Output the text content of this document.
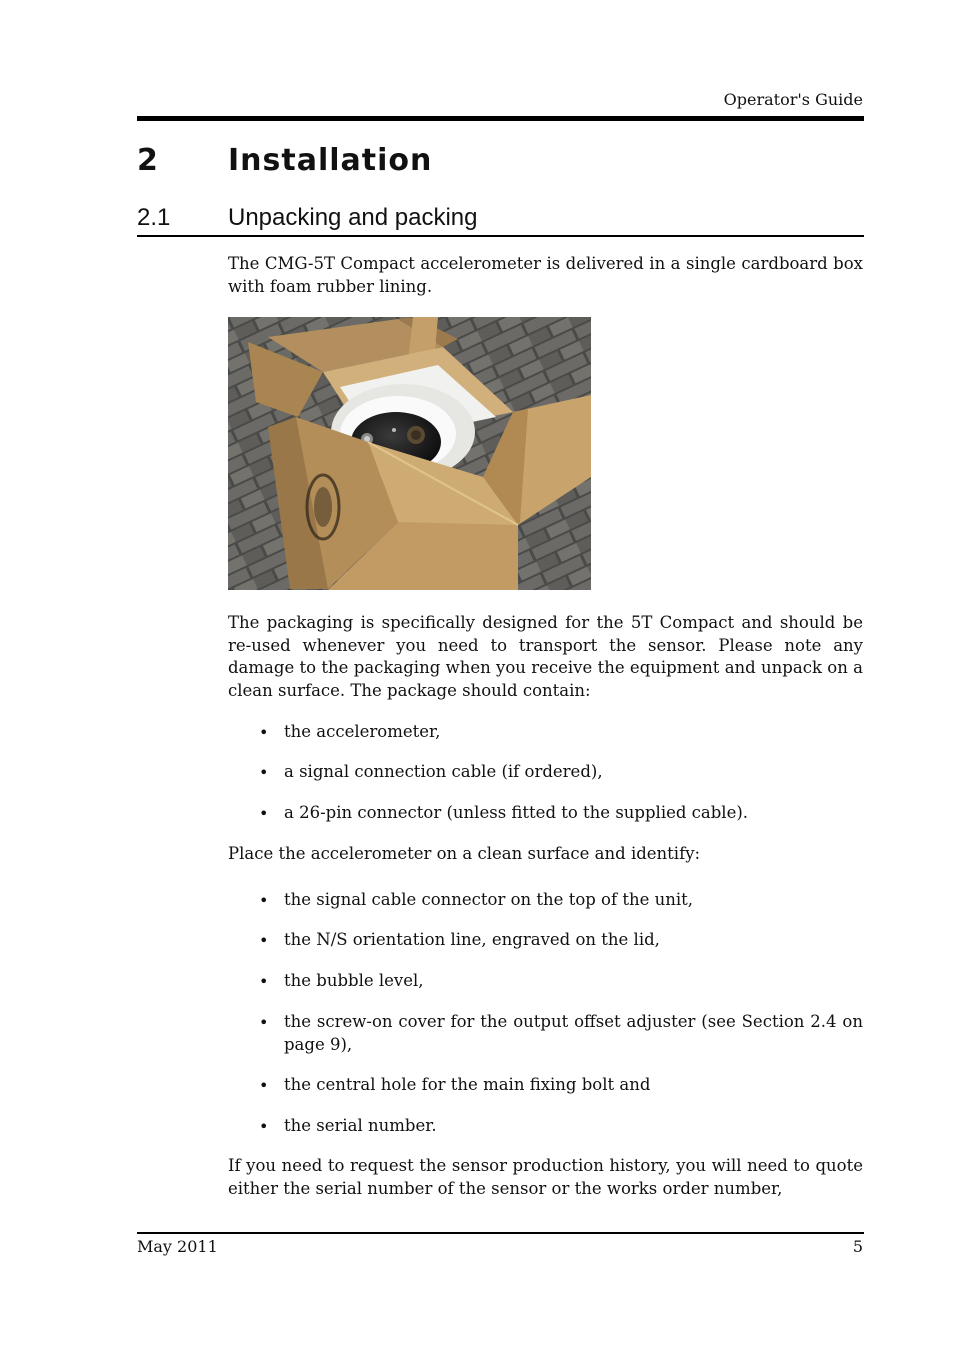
Operator's Guide
2 Installation
2.1 Unpacking and packing
The CMG-5T Compact accelerometer is delivered in a single cardboard box with foam rubber lining.
The packaging is specifically designed for the 5T Compact and should be re-used whenever you need to transport the sensor. Please note any damage to the packaging when you receive the equipment and unpack on a clean surface. The package should contain:
• the accelerometer,
• a signal connection cable (if ordered),
• a 26-pin connector (unless fitted to the supplied cable).
Place the accelerometer on a clean surface and identify:
• the signal cable connector on the top of the unit,
• the N/S orientation line, engraved on the lid,
• the bubble level,
• the screw-on cover for the output offset adjuster (see Section 2.4 on page 9),
• the central hole for the main fixing bolt and
• the serial number.
If you need to request the sensor production history, you will need to quote either the serial number of the sensor or the works order number,
May 2011	5
